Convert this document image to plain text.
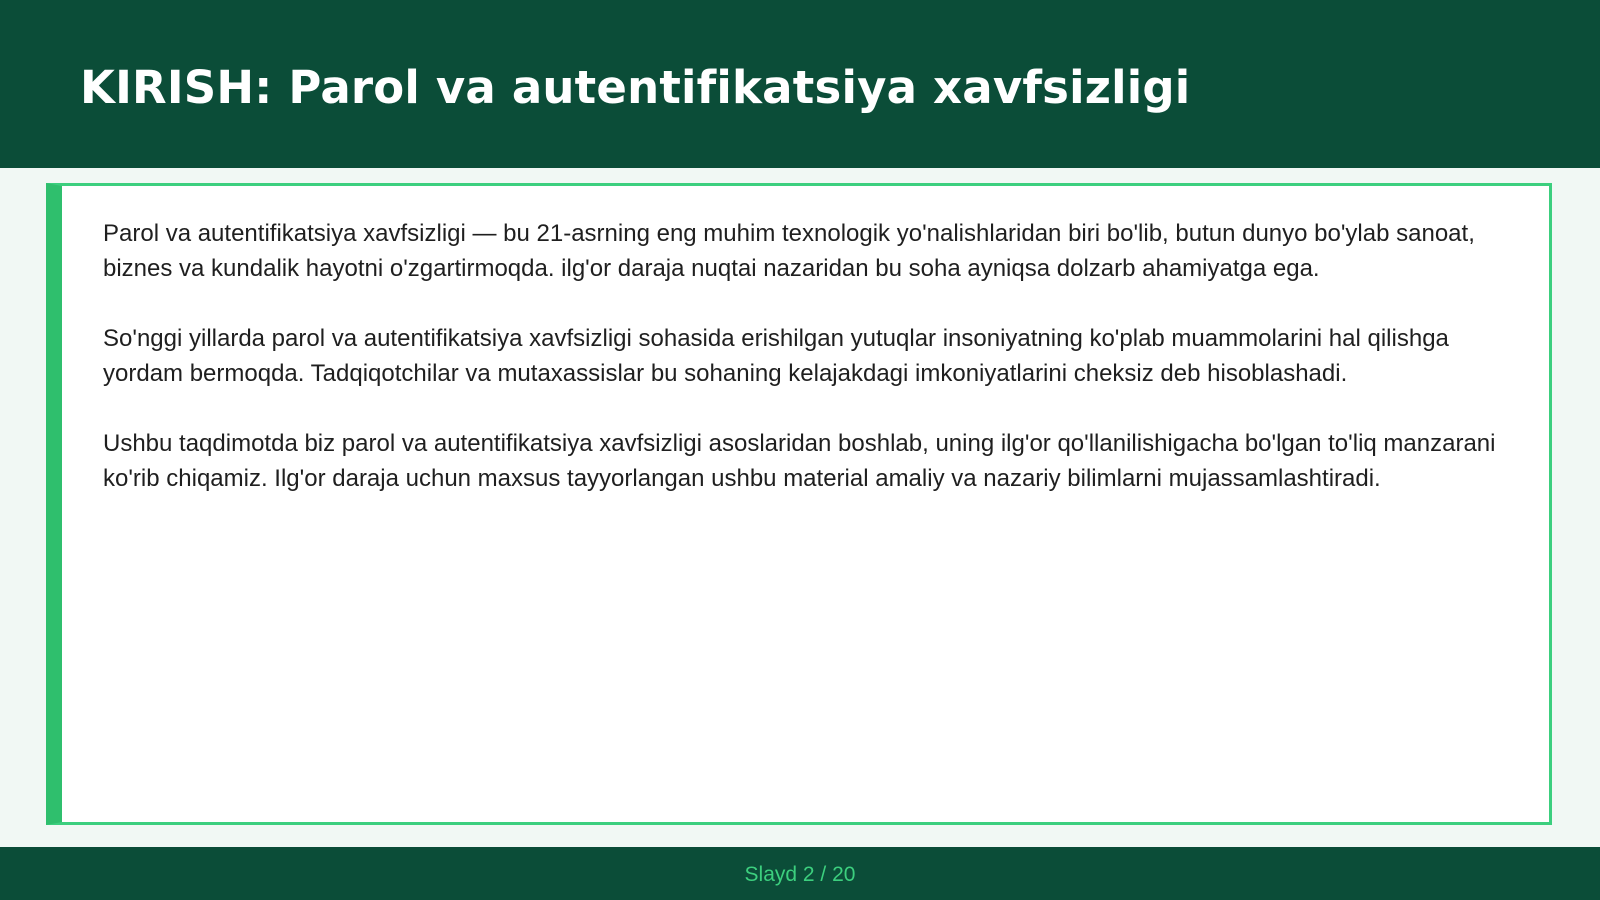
KIRISH: Parol va autentifikatsiya xavfsizligi

Parol va autentifikatsiya xavfsizligi — bu 21-asrning eng muhim texnologik yo'nalishlaridan biri bo'lib, butun dunyo bo'ylab sanoat, biznes va kundalik hayotni o'zgartirmoqda. ilg'or daraja nuqtai nazaridan bu soha ayniqsa dolzarb ahamiyatga ega.

So'nggi yillarda parol va autentifikatsiya xavfsizligi sohasida erishilgan yutuqlar insoniyatning ko'plab muammolarini hal qilishga yordam bermoqda. Tadqiqotchilar va mutaxassislar bu sohaning kelajakdagi imkoniyatlarini cheksiz deb hisoblashadi.

Ushbu taqdimotda biz parol va autentifikatsiya xavfsizligi asoslaridan boshlab, uning ilg'or qo'llanilishigacha bo'lgan to'liq manzarani ko'rib chiqamiz. Ilg'or daraja uchun maxsus tayyorlangan ushbu material amaliy va nazariy bilimlarni mujassamlashtiradi.

Slayd 2 / 20
